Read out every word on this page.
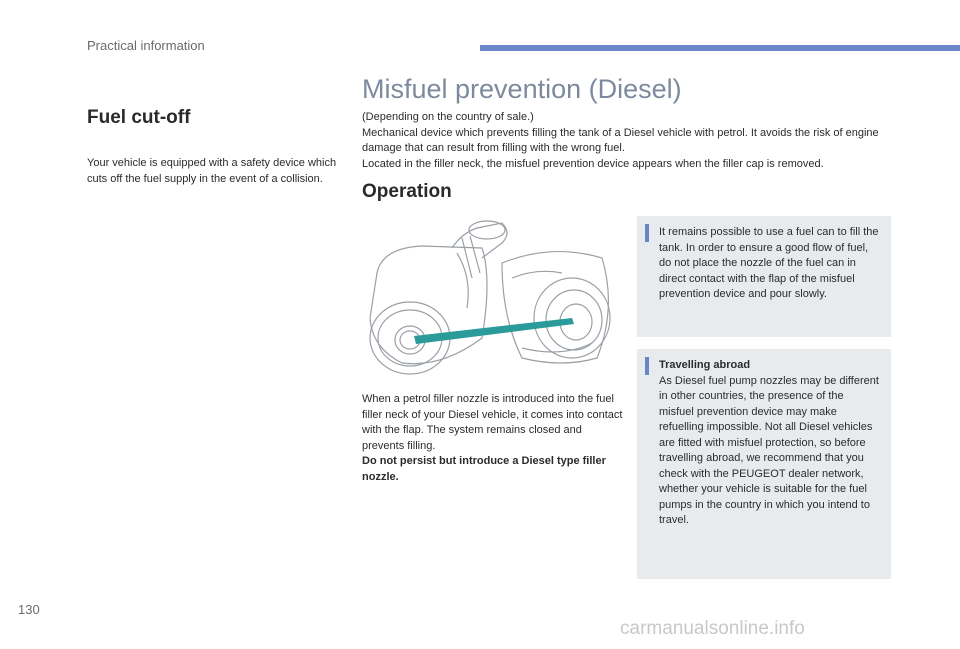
Practical information
Fuel cut-off
Your vehicle is equipped with a safety device which cuts off the fuel supply in the event of a collision.
Misfuel prevention (Diesel)
(Depending on the country of sale.)
Mechanical device which prevents filling the tank of a Diesel vehicle with petrol. It avoids the risk of engine damage that can result from filling with the wrong fuel.
Located in the filler neck, the misfuel prevention device appears when the filler cap is removed.
Operation
When a petrol filler nozzle is introduced into the fuel filler neck of your Diesel vehicle, it comes into contact with the flap. The system remains closed and prevents filling.
Do not persist but introduce a Diesel type filler nozzle.
It remains possible to use a fuel can to fill the tank. In order to ensure a good flow of fuel, do not place the nozzle of the fuel can in direct contact with the flap of the misfuel prevention device and pour slowly.
Travelling abroad
As Diesel fuel pump nozzles may be different in other countries, the presence of the misfuel prevention device may make refuelling impossible. Not all Diesel vehicles are fitted with misfuel protection, so before travelling abroad, we recommend that you check with the PEUGEOT dealer network, whether your vehicle is suitable for the fuel pumps in the country in which you intend to travel.
130
carmanualsonline.info
